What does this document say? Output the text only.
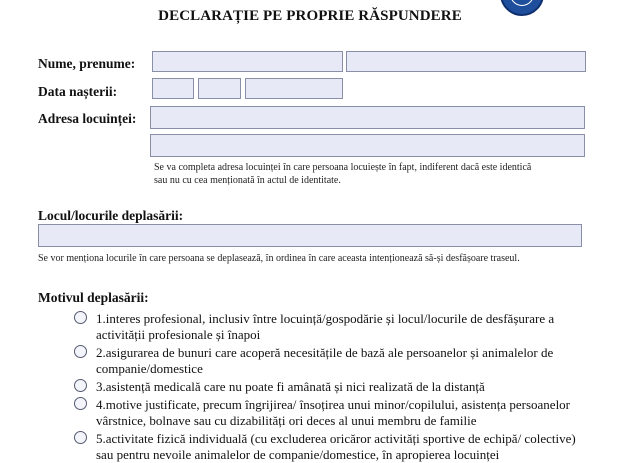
DECLARAȚIE PE PROPRIE RĂSPUNDERE
Nume, prenume:
Data nașterii:
Adresa locuinței:
Se va completa adresa locuinței în care persoana locuiește în fapt, indiferent dacă este identică
sau nu cu cea menționată în actul de identitate.
Locul/locurile deplasării:
Se vor menționa locurile în care persoana se deplasează, în ordinea în care aceasta intenționează să-și desfășoare traseul.
Motivul deplasării:
1.interes profesional, inclusiv între locuință/gospodărie și locul/locurile de desfășurare a
activității profesionale și înapoi
2.asigurarea de bunuri care acoperă necesitățile de bază ale persoanelor și animalelor de
companie/domestice
3.asistență medicală care nu poate fi amânată și nici realizată de la distanță
4.motive justificate, precum îngrijirea/ însoțirea unui minor/copilului, asistența persoanelor
vârstnice, bolnave sau cu dizabilități ori deces al unui membru de familie
5.activitate fizică individuală (cu excluderea oricăror activități sportive de echipă/ colective)
sau pentru nevoile animalelor de companie/domestice, în apropierea locuinței
